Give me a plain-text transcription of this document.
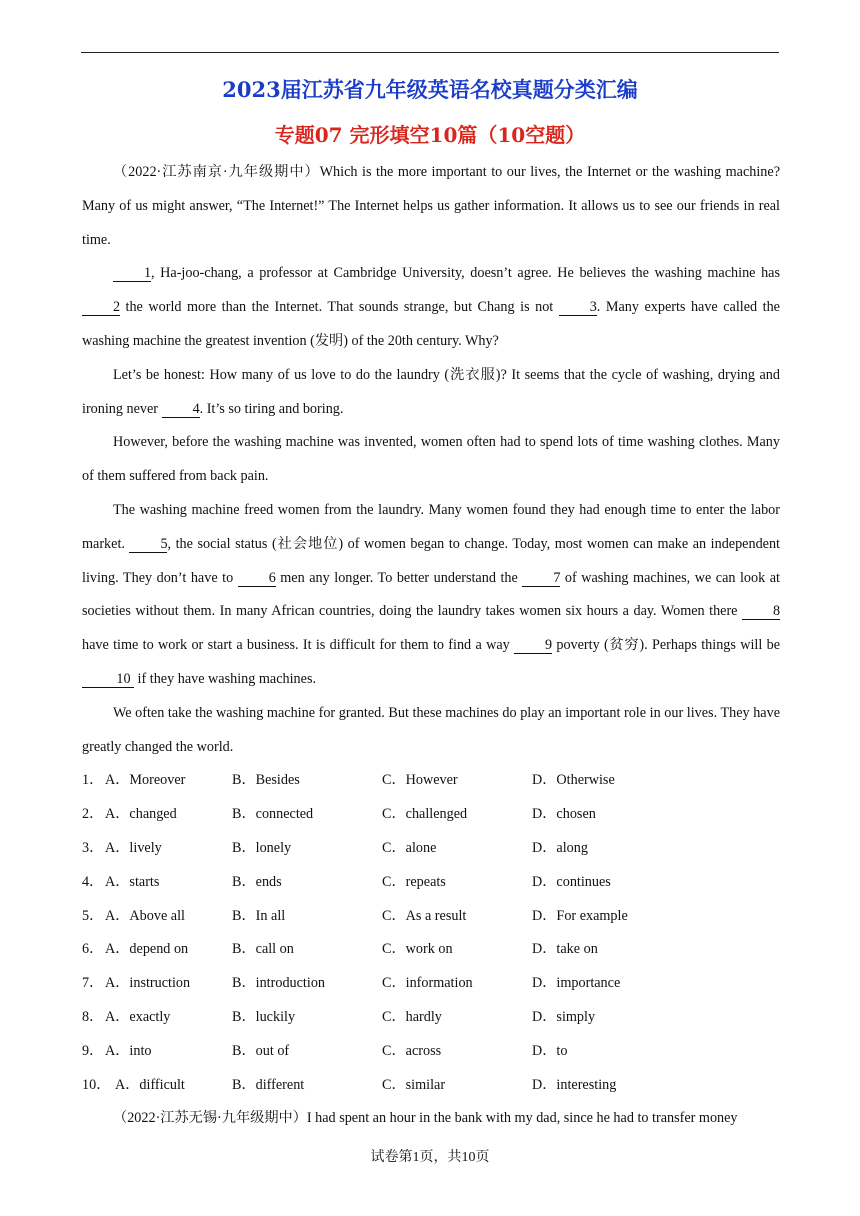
2023届江苏省九年级英语名校真题分类汇编
专题07 完形填空10篇（10空题）

（2022·江苏南京·九年级期中）Which is the more important to our lives, the Internet or the washing machine? Many of us might answer, “The Internet!” The Internet helps us gather information. It allows us to see our friends in real time.

1, Ha-joo-chang, a professor at Cambridge University, doesn’t agree. He believes the washing machine has 2 the world more than the Internet. That sounds strange, but Chang is not 3. Many experts have called the washing machine the greatest invention (发明) of the 20th century. Why?

Let’s be honest: How many of us love to do the laundry (洗衣服)? It seems that the cycle of washing, drying and ironing never 4. It’s so tiring and boring.

However, before the washing machine was invented, women often had to spend lots of time washing clothes. Many of them suffered from back pain.

The washing machine freed women from the laundry. Many women found they had enough time to enter the labor market. 5, the social status (社会地位) of women began to change. Today, most women can make an independent living. They don’t have to 6 men any longer. To better understand the 7 of washing machines, we can look at societies without them. In many African countries, doing the laundry takes women six hours a day. Women there 8 have time to work or start a business. It is difficult for them to find a way 9 poverty (贫穷). Perhaps things will be 10 if they have washing machines.

We often take the washing machine for granted. But these machines do play an important role in our lives. They have greatly changed the world.

1． A．Moreover	B．Besides	C．However	D．Otherwise
2． A．changed	B．connected	C．challenged	D．chosen
3． A．lively	B．lonely	C．alone	D．along
4． A．starts	B．ends	C．repeats	D．continues
5． A．Above all	B．In all	C．As a result	D．For example
6． A．depend on	B．call on	C．work on	D．take on
7． A．instruction	B．introduction	C．information	D．importance
8． A．exactly	B．luckily	C．hardly	D．simply
9． A．into	B．out of	C．across	D．to
10． A．difficult	B．different	C．similar	D．interesting

（2022·江苏无锡·九年级期中）I had spent an hour in the bank with my dad, since he had to transfer money

试卷第1页，共10页
